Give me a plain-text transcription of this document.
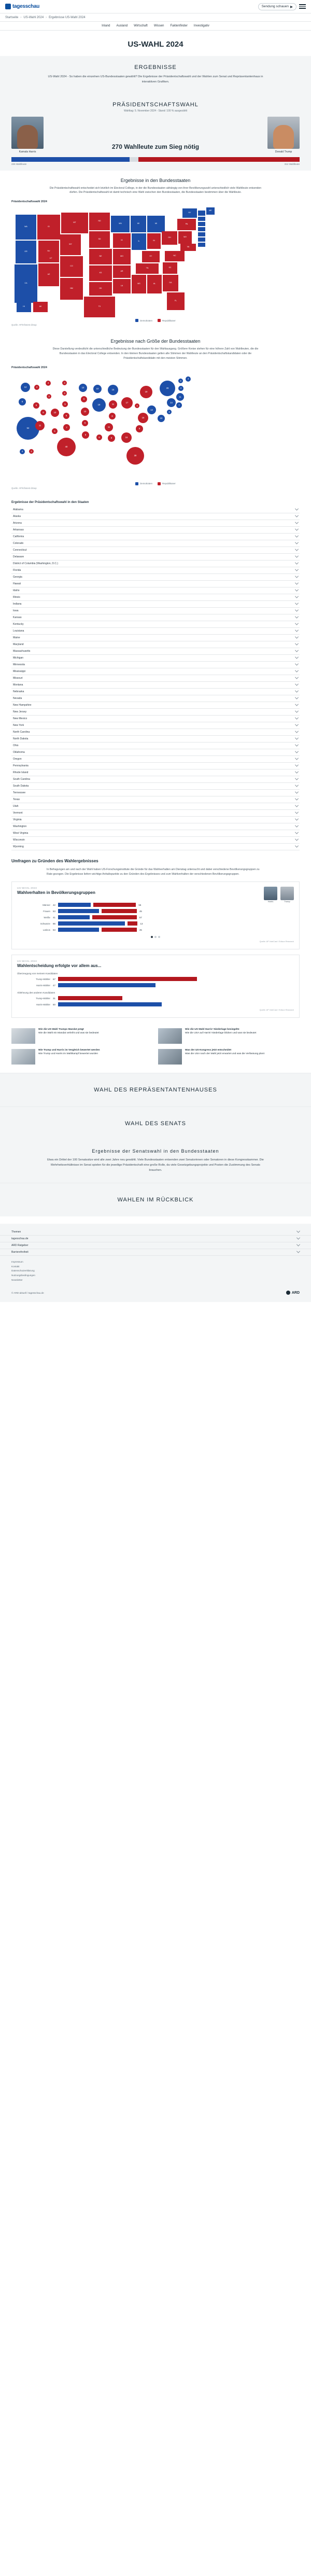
tagesschau	Sendung schauen ▶
Startseite › US-Wahl 2024 › Ergebnisse US-Wahl 2024
Inland Ausland Wirtschaft Wissen Faktenfinder Investigativ
US-WAHL 2024
ERGEBNISSE
US-Wahl 2024 - So haben die einzelnen US-Bundesstaaten gewählt? Die Ergebnisse der Präsidentschaftswahl und der Wahlen zum Senat und Repräsentantenhaus in interaktiven Grafiken.
PRÄSIDENTSCHAFTSWAHL
Wahltag: 5. November 2024 - Stand: 100 % ausgezählt
Kamala Harris
270 Wahlleute zum Sieg nötig
Donald Trump
226 Wahlleute	312 Wahlleute
Ergebnisse in den Bundesstaaten
Die Präsidentschaftswahl entscheidet sich letztlich im Electoral College, in der die Bundesstaaten abhängig von ihrer Bevölkerungszahl unterschiedlich viele Wahlleute entsenden dürfen. Die Präsidentschaftswahl ist damit technisch eine Wahl zwischen den Bundesstaaten, die Bundesstaaten bestimmen über die Wahlleute.
Präsidentschaftswahl 2024
WA
OR
CA
ID
MT
NV
WY
CO
AZ
NM
UT
ND
SD
NE
KS
OK
TX
MN
IA
MO
AR
LA
WI
IL	IN
MI
OH
KY
TN
MS	AL	GA
FL
SC
NC
WV
VA
PA
NY
ME
HI	AK
Demokraten	Republikaner
Quelle: AP/Infratest dimap
Ergebnisse nach Größe der Bundesstaaten
Diese Darstellung verdeutlicht die unterschiedliche Bedeutung der Bundesstaaten für den Wahlausgang. Größere Kreise stehen für eine höhere Zahl von Wahlleuten, die die Bundesstaaten in das Electoral College entsenden. In den kleinen Bundesstaaten gelten alle Stimmen der Wahlleute an den Präsidentschaftskandidaten oder die Präsidentschaftskandidatin mit den meisten Stimmen.
Präsidentschaftswahl 2024
12
8
54
4
4
6
3
10
11
5
6
3
3
5
6
7
40
10
6
10
6
8
10
19	11
15
17
8
11
6	9	16
30
9
16
4
13
19
28
3
4
4
11
7
14
3
10
4	3
Demokraten	Republikaner
Quelle: AP/Infratest dimap
Ergebnisse der Präsidentschaftswahl in den Staaten
Alabama
Alaska
Arizona
Arkansas
California
Colorado
Connecticut
Delaware
District of Columbia (Washington, D.C.)
Florida
Georgia
Hawaii
Idaho
Illinois
Indiana
Iowa
Kansas
Kentucky
Louisiana
Maine
Maryland
Massachusetts
Michigan
Minnesota
Mississippi
Missouri
Montana
Nebraska
Nevada
New Hampshire
New Jersey
New Mexico
New York
North Carolina
North Dakota
Ohio
Oklahoma
Oregon
Pennsylvania
Rhode Island
South Carolina
South Dakota
Tennessee
Texas
Utah
Vermont
Virginia
Washington
West Virginia
Wisconsin
Wyoming
Umfragen zu Gründen des Wahlergebnisses
In Befragungen am und nach der Wahl haben US-Forschungsinstitute die Gründe für das Wahlverhalten am Dienstag untersucht und dabei verschiedene Bevölkerungsgruppen zu Rate gezogen. Die Ergebnisse liefern wichtige Anhaltspunkte zu den Gründen des Ergebnisses und zum Wahlverhalten der verschiedenen Bevölkerungsgruppen.
US-WAHL 2024
Wahlverhalten in Bevölkerungsgruppen
Harris	Trump
Männer 42	55
Frauen 53	45
Weiße 41	57
Schwarze 86	13
Latinos 53	45
Quelle: AP VoteCast / Edison Research
US-WAHL 2024
Wahlentscheidung erfolgte vor allem aus...
Überzeugung von meinem Kandidaten
Trump-Wähler 67
Harris-Wähler 47
Ablehnung des anderen Kandidaten
Trump-Wähler 31
Harris-Wähler 50
Quelle: AP VoteCast / Edison Research
Wie die US-Wahl Trumps Mandat prägt
Wie die Wahl ein Mandat verleiht und was sie bedeutet
Wie die US-Wahl Harris' Niederlage besiegelte
Wie die USA auf Harris' Niederlage blicken und was sie bedeutet
Wie Trump und Harris im Vergleich bewertet werden
Wie Trump und Harris im Wahlkampf bewertet wurden
Was der US-Kongress jetzt entscheidet
Was die USA nach der Wahl jetzt erwartet und was die Verfassung plant
WAHL DES REPRÄSENTANTENHAUSES
WAHL DES SENATS
Ergebnisse der Senatswahl in den Bundesstaaten
Etwa ein Drittel der 100 Senatssitze wird alle zwei Jahre neu gewählt. Viele Bundesstaaten entsenden zwei Senatorinnen oder Senatoren in diese Kongresskammer. Die Mehrheitsverhältnisse im Senat spielen für die jeweilige Präsidentschaft eine große Rolle, da viele Gesetzgebungsprojekte und Posten die Zustimmung des Senats brauchen.
WAHLEN IM RÜCKBLICK
Themen
tagesschau.de
ARD Ratgeber
Barrierefreiheit
Impressum
Kontakt
Datenschutzerklärung
Nutzungsbedingungen
Newsletter
© ARD-aktuell / tagesschau.de	ARD
